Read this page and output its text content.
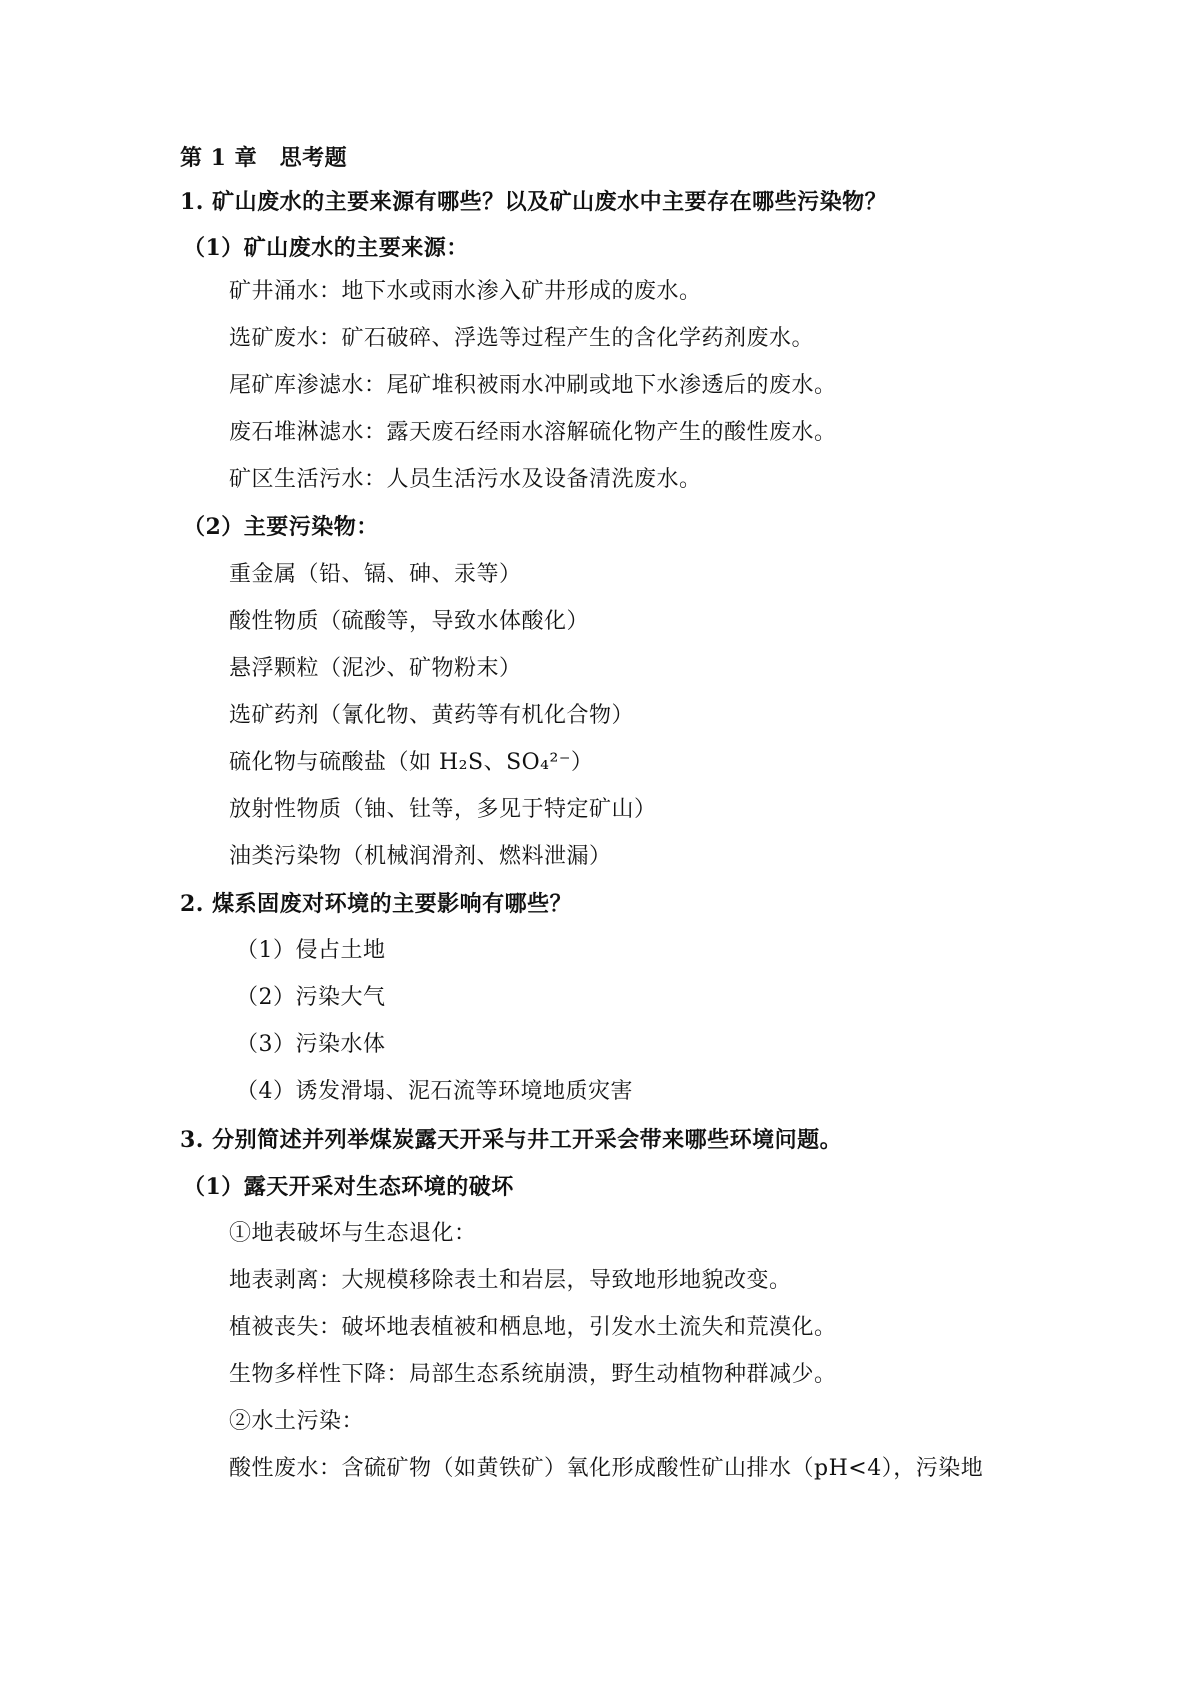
第 1 章　思考题
1. 矿山废水的主要来源有哪些？以及矿山废水中主要存在哪些污染物？
（1）矿山废水的主要来源：
矿井涌水：地下水或雨水渗入矿井形成的废水。
选矿废水：矿石破碎、浮选等过程产生的含化学药剂废水。
尾矿库渗滤水：尾矿堆积被雨水冲刷或地下水渗透后的废水。
废石堆淋滤水：露天废石经雨水溶解硫化物产生的酸性废水。
矿区生活污水：人员生活污水及设备清洗废水。
（2）主要污染物：
重金属（铅、镉、砷、汞等）
酸性物质（硫酸等，导致水体酸化）
悬浮颗粒（泥沙、矿物粉末）
选矿药剂（氰化物、黄药等有机化合物）
硫化物与硫酸盐（如 H₂S、SO₄²⁻）
放射性物质（铀、钍等，多见于特定矿山）
油类污染物（机械润滑剂、燃料泄漏）
2. 煤系固废对环境的主要影响有哪些？
（1）侵占土地
（2）污染大气
（3）污染水体
（4）诱发滑塌、泥石流等环境地质灾害
3. 分别简述并列举煤炭露天开采与井工开采会带来哪些环境问题。
（1）露天开采对生态环境的破坏
①地表破坏与生态退化：
地表剥离：大规模移除表土和岩层，导致地形地貌改变。
植被丧失：破坏地表植被和栖息地，引发水土流失和荒漠化。
生物多样性下降：局部生态系统崩溃，野生动植物种群减少。
②水土污染：
酸性废水：含硫矿物（如黄铁矿）氧化形成酸性矿山排水（pH<4），污染地
